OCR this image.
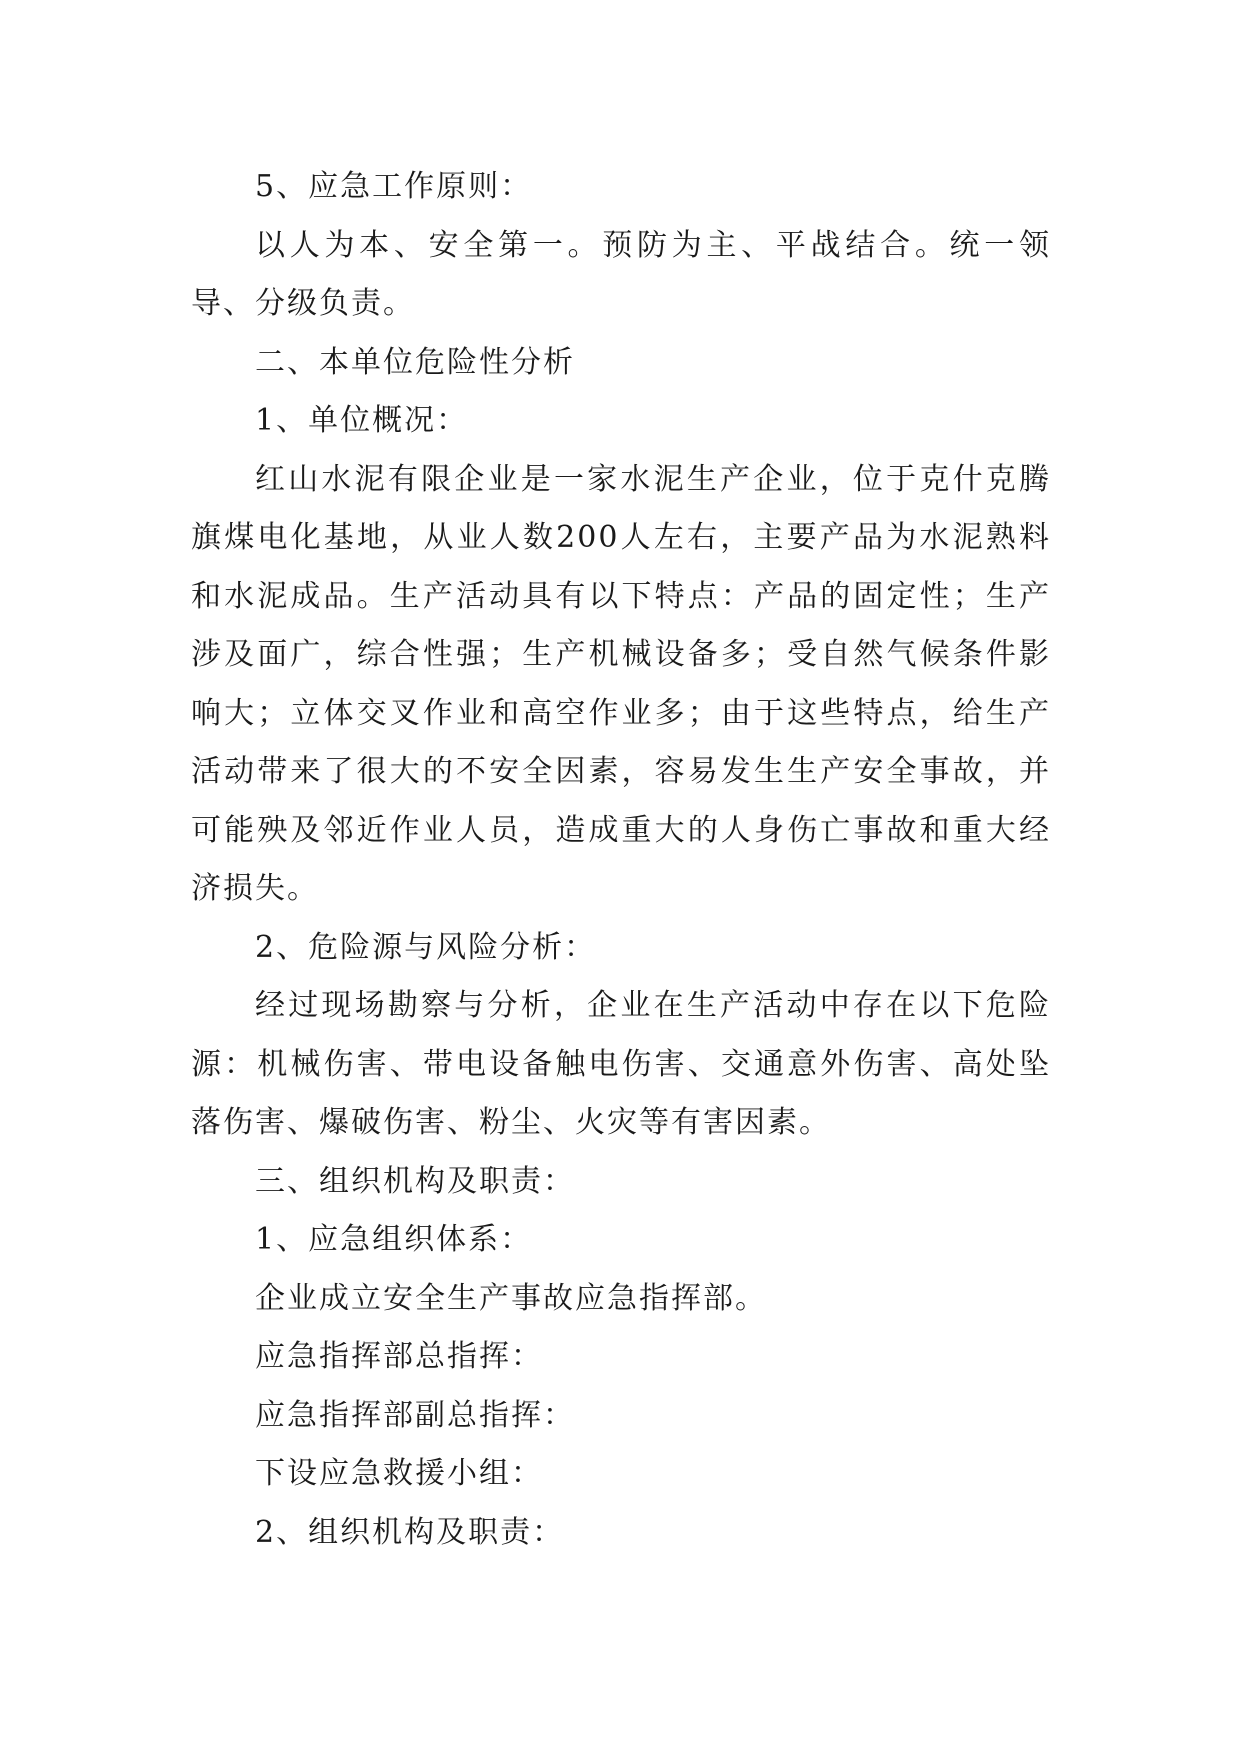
5、应急工作原则：

以人为本、安全第一。预防为主、平战结合。统一领导、分级负责。

二、本单位危险性分析

1、单位概况：

红山水泥有限企业是一家水泥生产企业，位于克什克腾旗煤电化基地，从业人数200人左右，主要产品为水泥熟料和水泥成品。生产活动具有以下特点：产品的固定性；生产涉及面广，综合性强；生产机械设备多；受自然气候条件影响大；立体交叉作业和高空作业多；由于这些特点，给生产活动带来了很大的不安全因素，容易发生生产安全事故，并可能殃及邻近作业人员，造成重大的人身伤亡事故和重大经济损失。

2、危险源与风险分析：

经过现场勘察与分析，企业在生产活动中存在以下危险源：机械伤害、带电设备触电伤害、交通意外伤害、高处坠落伤害、爆破伤害、粉尘、火灾等有害因素。

三、组织机构及职责：

1、应急组织体系：

企业成立安全生产事故应急指挥部。

应急指挥部总指挥：

应急指挥部副总指挥：

下设应急救援小组：

2、组织机构及职责：
